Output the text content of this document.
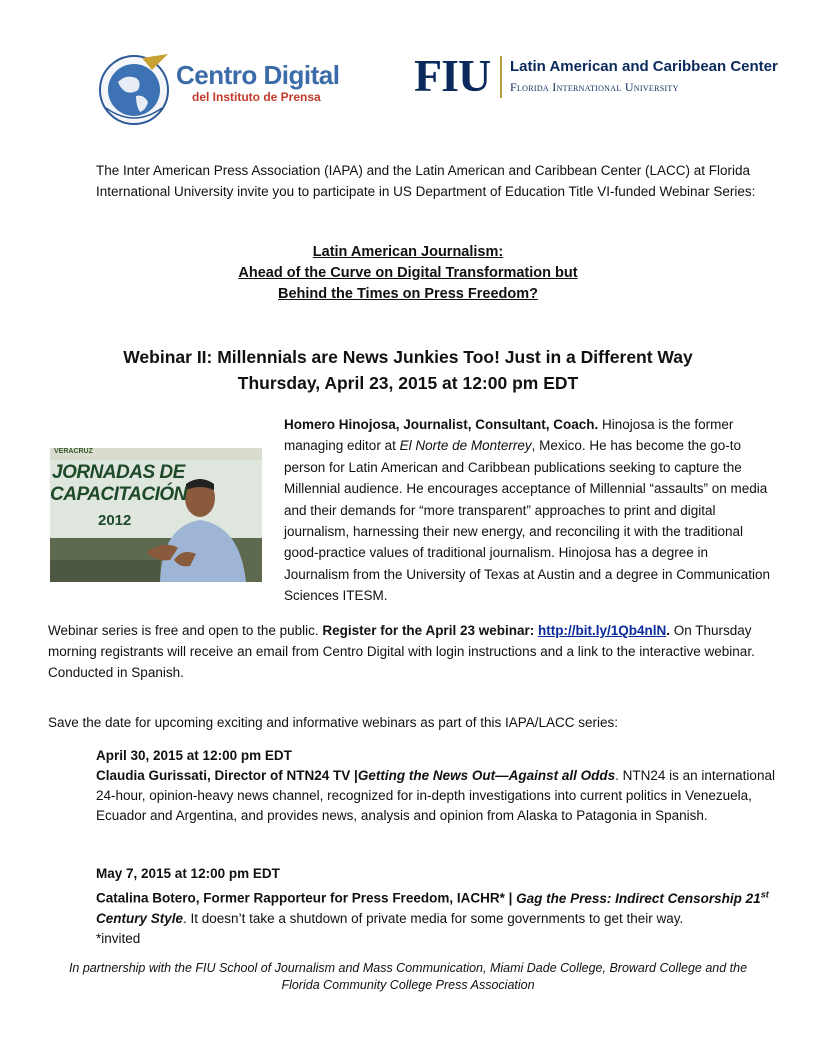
Centro Digital
del Instituto de Prensa	FIU Latin American and Caribbean Center
Florida International University
The Inter American Press Association (IAPA) and the Latin American and Caribbean Center (LACC) at Florida International University invite you to participate in US Department of Education Title VI-funded Webinar Series:
Latin American Journalism:
Ahead of the Curve on Digital Transformation but
Behind the Times on Press Freedom?
Webinar II: Millennials are News Junkies Too! Just in a Different Way
Thursday, April 23, 2015 at 12:00 pm EDT
VERACRUZ
JORNADAS DE
CAPACITACIÓN
2012
Homero Hinojosa, Journalist, Consultant, Coach. Hinojosa is the former managing editor at El Norte de Monterrey, Mexico. He has become the go-to person for Latin American and Caribbean publications seeking to capture the Millennial audience. He encourages acceptance of Millennial “assaults” on media and their demands for “more transparent” approaches to print and digital journalism, harnessing their new energy, and reconciling it with the traditional good-practice values of traditional journalism. Hinojosa has a degree in Journalism from the University of Texas at Austin and a degree in Communication Sciences ITESM.
Webinar series is free and open to the public. Register for the April 23 webinar: http://bit.ly/1Qb4nlN. On Thursday morning registrants will receive an email from Centro Digital with login instructions and a link to the interactive webinar. Conducted in Spanish.
Save the date for upcoming exciting and informative webinars as part of this IAPA/LACC series:
April 30, 2015 at 12:00 pm EDT
Claudia Gurissati, Director of NTN24 TV |Getting the News Out—Against all Odds. NTN24 is an international 24-hour, opinion-heavy news channel, recognized for in-depth investigations into current politics in Venezuela, Ecuador and Argentina, and provides news, analysis and opinion from Alaska to Patagonia in Spanish.
May 7, 2015 at 12:00 pm EDT
Catalina Botero, Former Rapporteur for Press Freedom, IACHR* | Gag the Press: Indirect Censorship 21st Century Style. It doesn’t take a shutdown of private media for some governments to get their way.
*invited
In partnership with the FIU School of Journalism and Mass Communication, Miami Dade College, Broward College and the Florida Community College Press Association
